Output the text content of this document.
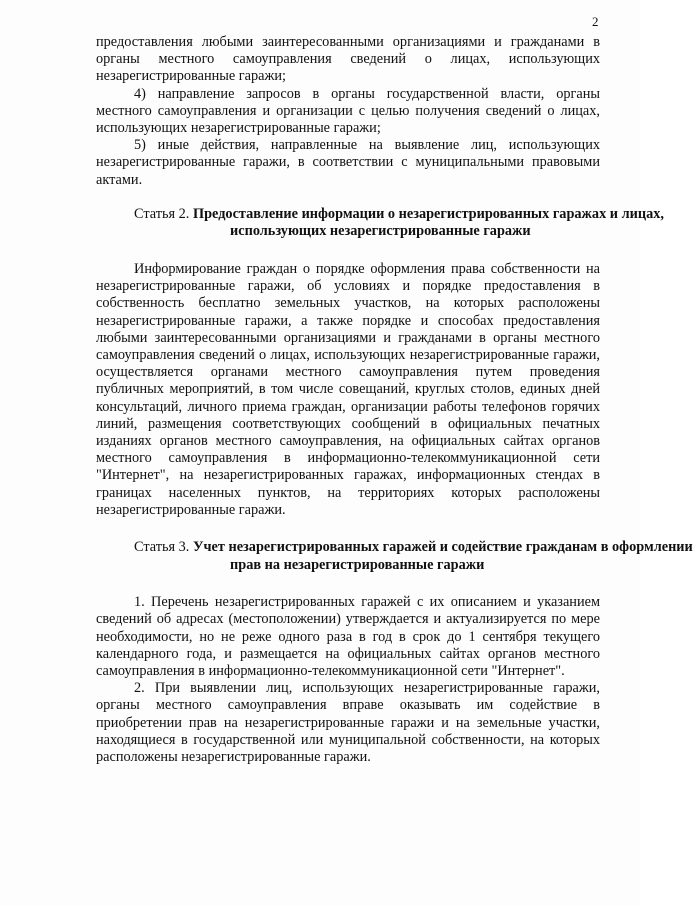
2

предоставления любыми заинтересованными организациями и гражданами в органы местного самоуправления сведений о лицах, использующих незарегистрированные гаражи;

4) направление запросов в органы государственной власти, органы местного самоуправления и организации с целью получения сведений о лицах, использующих незарегистрированные гаражи;

5) иные действия, направленные на выявление лиц, использующих незарегистрированные гаражи, в соответствии с муниципальными правовыми актами.

Статья 2. Предоставление информации о незарегистрированных гаражах и лицах, использующих незарегистрированные гаражи

Информирование граждан о порядке оформления права собственности на незарегистрированные гаражи, об условиях и порядке предоставления в собственность бесплатно земельных участков, на которых расположены незарегистрированные гаражи, а также порядке и способах предоставления любыми заинтересованными организациями и гражданами в органы местного самоуправления сведений о лицах, использующих незарегистрированные гаражи, осуществляется органами местного самоуправления путем проведения публичных мероприятий, в том числе совещаний, круглых столов, единых дней консультаций, личного приема граждан, организации работы телефонов горячих линий, размещения соответствующих сообщений в официальных печатных изданиях органов местного самоуправления, на официальных сайтах органов местного самоуправления в информационно-телекоммуникационной сети "Интернет", на незарегистрированных гаражах, информационных стендах в границах населенных пунктов, на территориях которых расположены незарегистрированные гаражи.

Статья 3. Учет незарегистрированных гаражей и содействие гражданам в оформлении прав на незарегистрированные гаражи

1. Перечень незарегистрированных гаражей с их описанием и указанием сведений об адресах (местоположении) утверждается и актуализируется по мере необходимости, но не реже одного раза в год в срок до 1 сентября текущего календарного года, и размещается на официальных сайтах органов местного самоуправления в информационно-телекоммуникационной сети "Интернет".

2. При выявлении лиц, использующих незарегистрированные гаражи, органы местного самоуправления вправе оказывать им содействие в приобретении прав на незарегистрированные гаражи и на земельные участки, находящиеся в государственной или муниципальной собственности, на которых расположены незарегистрированные гаражи.
